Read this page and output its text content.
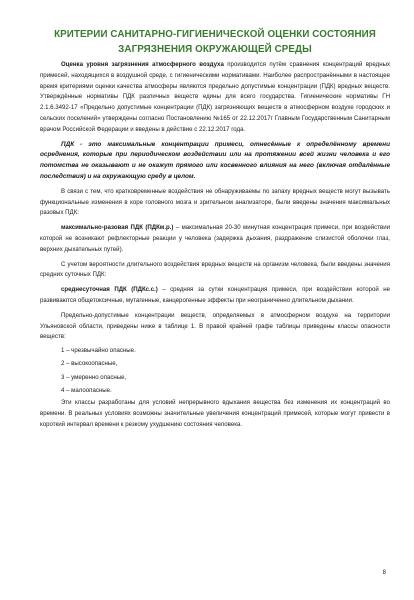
КРИТЕРИИ САНИТАРНО-ГИГИЕНИЧЕСКОЙ ОЦЕНКИ СОСТОЯНИЯ
ЗАГРЯЗНЕНИЯ ОКРУЖАЮЩЕЙ СРЕДЫ

Оценка уровня загрязнения атмосферного воздуха производится путём сравнения концентраций вредных примесей, находящихся в воздушной среде, с гигиеническими нормативами. Наиболее распространёнными в настоящее время критериями оценки качества атмосферы являются предельно допустимые концентрации (ПДК) вредных веществ. Утверждённые нормативы ПДК различных веществ едины для всего государства. Гигиенические нормативы ГН 2.1.6.3492-17 «Предельно допустимые концентрации (ПДК) загрязняющих веществ в атмосферном воздухе городских и сельских поселений» утверждены согласно Постановлению №165 от 22.12.2017г Главным Государственным Санитарным врачом Российской Федерации и введены в действие с 22.12.2017 года.

ПДК - это максимальные концентрации примеси, отнесённые к определённому времени осреднения, которые при периодическом воздействии или на протяжении всей жизни человека и его потомства не оказывают и не окажут прямого или косвенного влияния на него (включая отдалённые последствия) и на окружающую среду в целом.

В связи с тем, что кратковременные воздействия не обнаруживаемы по запаху вредных веществ могут вызывать функциональные изменения в коре головного мозга и зрительном анализаторе, были введены значения максимальных разовых ПДК:

максимально-разовая ПДК (ПДКм.р.) – максимальная 20-30 минутная концентрация примеси, при воздействии которой не возникают рефлекторные реакции у человека (задержка дыхания, раздражение слизистой оболочки глаз, верхних дыхательных путей).

С учетом вероятности длительного воздействия вредных веществ на организм человека, были введены значения средних суточных ПДК:

среднесуточная ПДК (ПДКс.с.) – средняя за сутки концентрация примеси, при воздействии которой не развиваются общетоксичные, мутагенные, канцерогенные эффекты при неограниченно длительном дыхании.

Предельно-допустимые концентрации веществ, определяемых в атмосферном воздухе на территории Ульяновской области, приведены ниже в таблице 1. В правой крайней графе таблицы приведены классы опасности веществ:

1 – чрезвычайно опасные.
2 – высокоопасные,
3 – умеренно опасные,
4 – малоопасные.

Эти классы разработаны для условий непрерывного вдыхания вещества без изменения их концентраций во времени. В реальных условиях возможны значительные увеличения концентраций примесей, которые могут привести в короткий интервал времени к резкому ухудшению состояния человека.

8
